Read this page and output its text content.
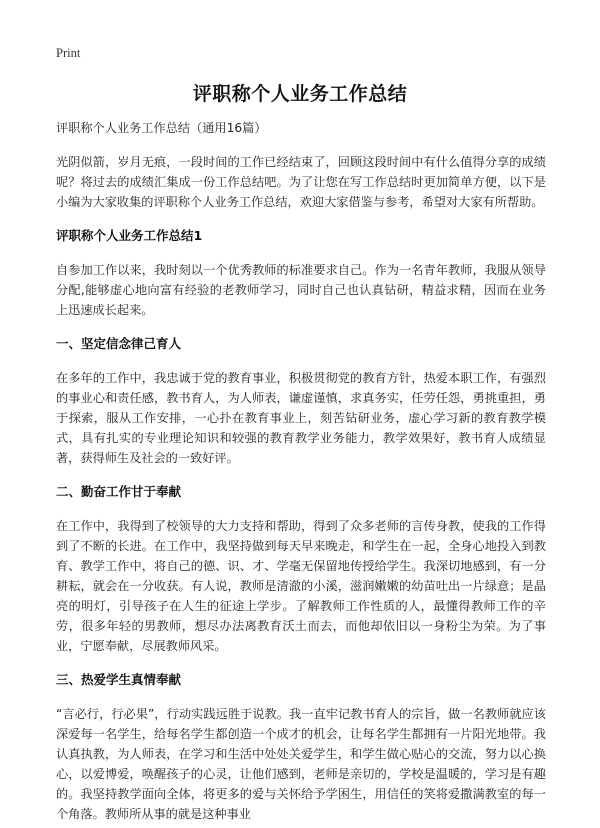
Print
评职称个人业务工作总结

评职称个人业务工作总结（通用16篇）

光阴似箭，岁月无痕，一段时间的工作已经结束了，回顾这段时间中有什么值得分享的成绩呢？将过去的成绩汇集成一份工作总结吧。为了让您在写工作总结时更加简单方便，以下是小编为大家收集的评职称个人业务工作总结，欢迎大家借鉴与参考，希望对大家有所帮助。

评职称个人业务工作总结1

自参加工作以来，我时刻以一个优秀教师的标准要求自己。作为一名青年教师，我服从领导分配,能够虚心地向富有经验的老教师学习，同时自己也认真钻研，精益求精，因而在业务上迅速成长起来。

一、坚定信念律己育人

在多年的工作中，我忠诚于党的教育事业，积极贯彻党的教育方针，热爱本职工作，有强烈的事业心和责任感，教书育人，为人师表，谦虚谨慎，求真务实，任劳任怨，勇挑重担，勇于探索，服从工作安排，一心扑在教育事业上，刻苦钻研业务，虚心学习新的教育教学模式，具有扎实的专业理论知识和较强的教育教学业务能力，教学效果好，教书育人成绩显著，获得师生及社会的一致好评。

二、勤奋工作甘于奉献

在工作中，我得到了校领导的大力支持和帮助，得到了众多老师的言传身教，使我的工作得到了不断的长进。在工作中，我坚持做到每天早来晚走，和学生在一起，全身心地投入到教育、教学工作中，将自己的德、识、才、学毫无保留地传授给学生。我深切地感到，有一分耕耘，就会在一分收获。有人说，教师是清澈的小溪，滋润嫩嫩的幼苗吐出一片绿意；是晶亮的明灯，引导孩子在人生的征途上学步。了解教师工作性质的人，最懂得教师工作的辛劳，很多年轻的男教师，想尽办法离教育沃土而去，而他却依旧以一身粉尘为荣。为了事业，宁愿奉献，尽展教师风采。

三、热爱学生真情奉献

“言必行，行必果”，行动实践远胜于说教。我一直牢记教书育人的宗旨，做一名教师就应该深爱每一名学生，给每名学生都创造一个成才的机会，让每名学生都拥有一片阳光地带。我认真执教，为人师表，在学习和生活中处处关爱学生，和学生做心贴心的交流，努力以心换心，以爱博爱，唤醒孩子的心灵，让他们感到，老师是亲切的，学校是温暖的，学习是有趣的。我坚持教学面向全体，将更多的爱与关怀给予学困生，用信任的笑将爱撒满教室的每一个角落。教师所从事的就是这种事业
